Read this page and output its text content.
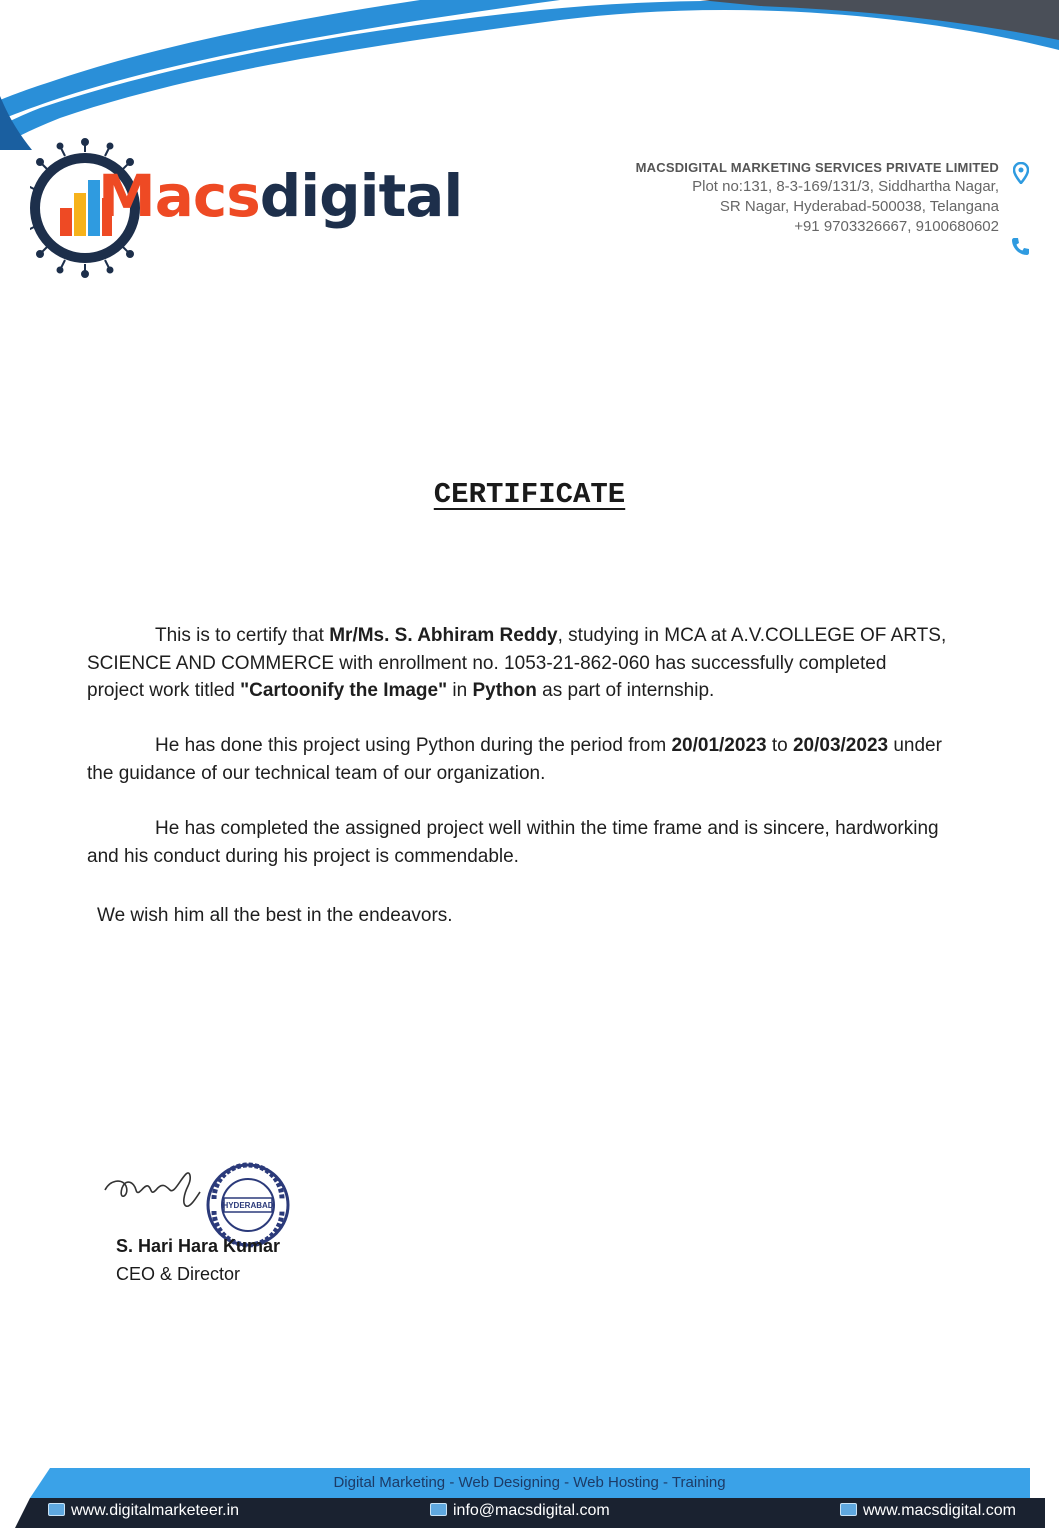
Macsdigital	MACSDIGITAL MARKETING SERVICES PRIVATE LIMITED
Plot no:131, 8-3-169/131/3, Siddhartha Nagar,
SR Nagar, Hyderabad-500038, Telangana
+91 9703326667, 9100680602
CERTIFICATE
This is to certify that Mr/Ms. S. Abhiram Reddy, studying in MCA at A.V.COLLEGE OF ARTS, SCIENCE AND COMMERCE with enrollment no. 1053-21-862-060 has successfully completed project work titled "Cartoonify the Image" in Python as part of internship.
He has done this project using Python during the period from 20/01/2023 to 20/03/2023 under the guidance of our technical team of our organization.
He has completed the assigned project well within the time frame and is sincere, hardworking and his conduct during his project is commendable.
We wish him all the best in the endeavors.
HYDERABAD
S. Hari Hara Kumar
CEO & Director
Digital Marketing - Web Designing - Web Hosting - Training
www.digitalmarketeer.in	info@macsdigital.com	www.macsdigital.com
